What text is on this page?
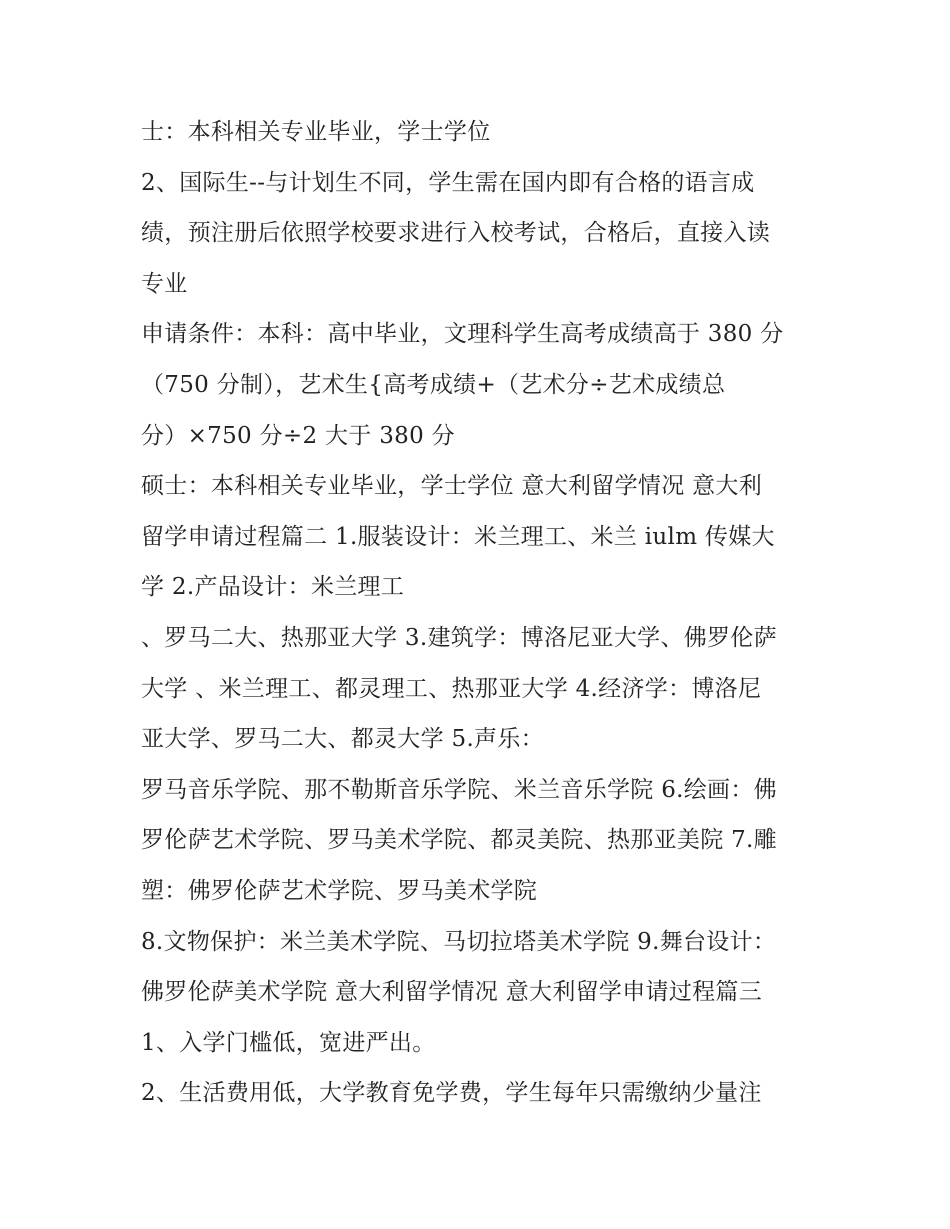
士：本科相关专业毕业，学士学位
2、国际生--与计划生不同，学生需在国内即有合格的语言成
绩，预注册后依照学校要求进行入校考试，合格后，直接入读
专业
申请条件：本科：高中毕业，文理科学生高考成绩高于 380 分
（750 分制），艺术生{高考成绩+（艺术分÷艺术成绩总
分）×750 分÷2 大于 380 分
硕士：本科相关专业毕业，学士学位 意大利留学情况 意大利
留学申请过程篇二 1.服装设计：米兰理工、米兰 iulm 传媒大
学 2.产品设计：米兰理工
、罗马二大、热那亚大学 3.建筑学：博洛尼亚大学、佛罗伦萨
大学 、米兰理工、都灵理工、热那亚大学 4.经济学：博洛尼
亚大学、罗马二大、都灵大学 5.声乐：
罗马音乐学院、那不勒斯音乐学院、米兰音乐学院 6.绘画：佛
罗伦萨艺术学院、罗马美术学院、都灵美院、热那亚美院 7.雕
塑：佛罗伦萨艺术学院、罗马美术学院
8.文物保护：米兰美术学院、马切拉塔美术学院 9.舞台设计：
佛罗伦萨美术学院 意大利留学情况 意大利留学申请过程篇三
1、入学门槛低，宽进严出。
2、生活费用低，大学教育免学费，学生每年只需缴纳少量注
